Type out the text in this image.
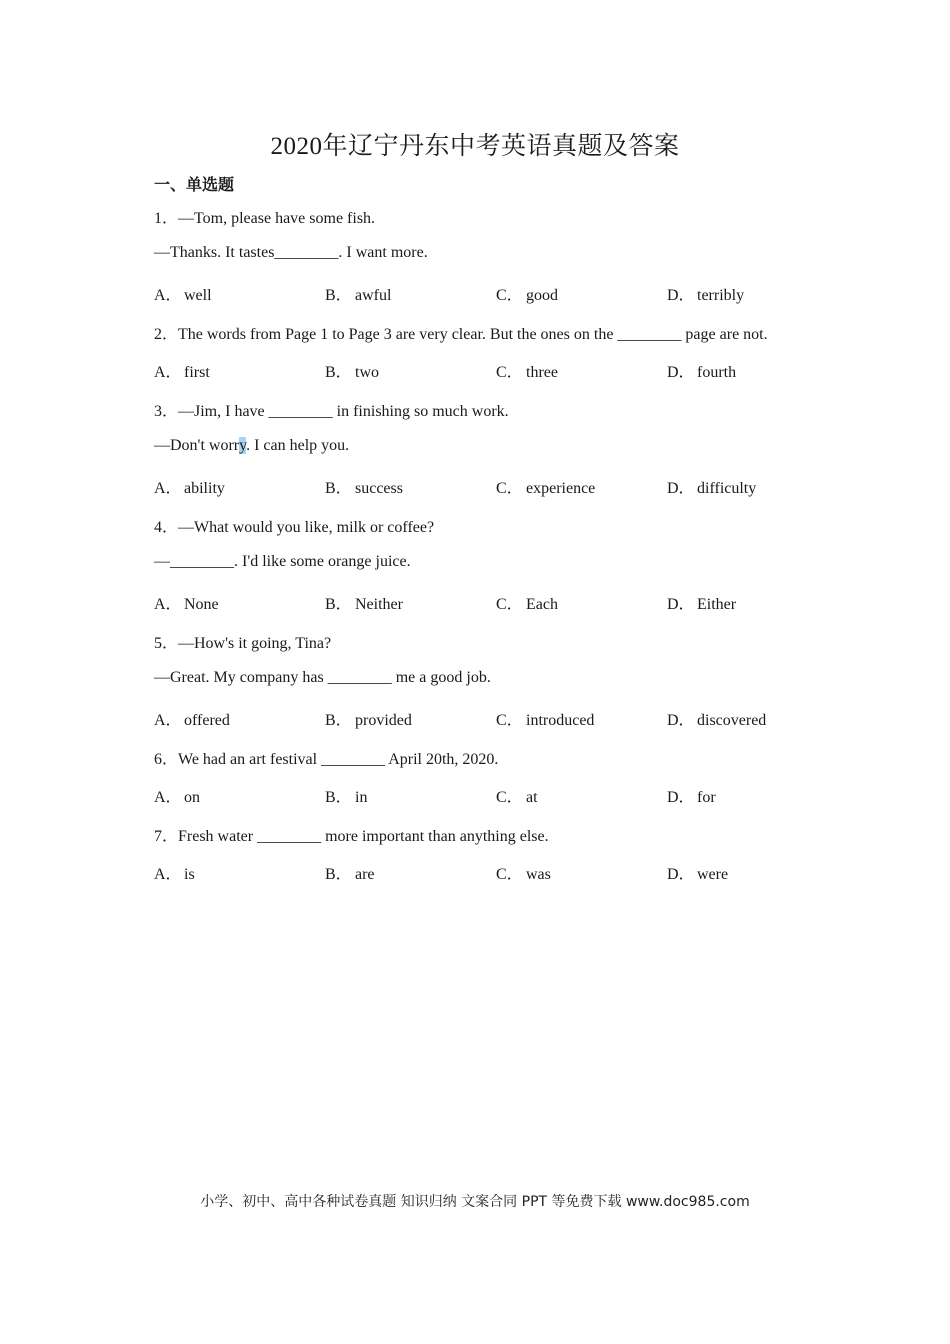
2020年辽宁丹东中考英语真题及答案
一、单选题
1．—Tom, please have some fish.
—Thanks. It tastes________. I want more.
A． well	B． awful	C． good	D． terribly
2．The words from Page 1 to Page 3 are very clear. But the ones on the ________ page are not.
A． first	B． two	C． three	D． fourth
3．—Jim, I have ________ in finishing so much work.
—Don't worry. I can help you.
A． ability	B． success	C． experience	D． difficulty
4．—What would you like, milk or coffee?
—________. I'd like some orange juice.
A． None	B． Neither	C． Each	D． Either
5．—How's it going, Tina?
—Great. My company has ________ me a good job.
A． offered	B． provided	C． introduced	D． discovered
6．We had an art festival ________ April 20th, 2020.
A． on	B． in	C． at	D． for
7．Fresh water ________ more important than anything else.
A． is	B． are	C． was	D． were
小学、初中、高中各种试卷真题 知识归纳 文案合同 PPT 等免费下载 www.doc985.com
